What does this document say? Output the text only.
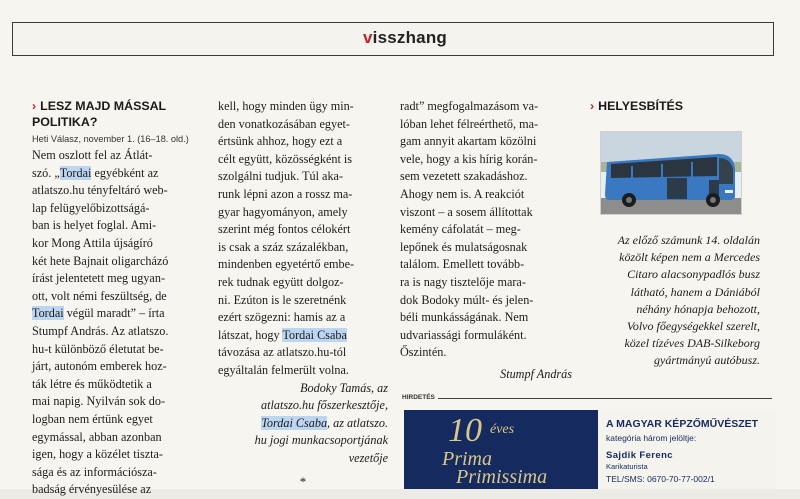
visszhang
› LESZ MAJD MÁSSAL
POLITIKA?
Heti Válasz, november 1. (16–18. old.)

Nem oszlott fel az Átlát-

szó. „Tordai egyébként az

atlatszo.hu tényfeltáró web-

lap felügyelőbizottságá-

ban is helyet foglal. Ami-

kor Mong Attila újságíró

két hete Bajnait oligarcházó

írást jelentetett meg ugyan-

ott, volt némi feszültség, de

Tordai végül maradt” – írta

Stumpf András. Az atlatszo.

hu-t különböző életutat be-

járt, autonóm emberek hoz-

ták létre és működtetik a

mai napig. Nyilván sok do-

logban nem értünk egyet

egymással, abban azonban

igen, hogy a közélet tiszta-

sága és az információsza-

badság érvényesülése az

kell, hogy minden ügy min-

den vonatkozásában egyet-

értsünk ahhoz, hogy ezt a

célt együtt, közösségként is

szolgálni tudjuk. Túl aka-

runk lépni azon a rossz ma-

gyar hagyományon, amely

szerint még fontos célokért

is csak a száz százalékban,

mindenben egyetértő embe-

rek tudnak együtt dolgoz-

ni. Ezúton is le szeretnénk

ezért szögezni: hamis az a

látszat, hogy Tordai Csaba

távozása az atlatszo.hu-tól

egyáltalán felmerült volna.

Bodoky Tamás, az

atlatszo.hu főszerkesztője,

Tordai Csaba, az atlatszo.

hu jogi munkacsoportjának

vezetője

*

radt” megfogalmazásom va-

lóban lehet félreérthető, ma-

gam annyit akartam közölni

vele, hogy a kis hírig korán-

sem vezetett szakadáshoz.

Ahogy nem is. A reakciót

viszont – a sosem állítottak

kemény cáfolatát – meg-

lepőnek és mulatságosnak

találom. Emellett tovább-

ra is nagy tisztelője mara-

dok Bodoky múlt- és jelen-

béli munkásságának. Nem

udvariassági formuláként.

Őszintén.

Stumpf András

› HELYESBÍTÉS
Az előző számunk 14. oldalán
közölt képen nem a Mercedes
Citaro alacsonypadlós busz
látható, hanem a Dániából
néhány hónapja behozott,
Volvo főegységekkel szerelt,
közel tízéves DAB-Silkeborg
gyártmányú autóbusz.
HIRDETÉS
10 éves
Prima
Primissima
A MAGYAR KÉPZŐMŰVÉSZET
kategória három jelöltje:
Sajdik Ferenc
Karikaturista
TEL/SMS: 0670-70-77-002/1
